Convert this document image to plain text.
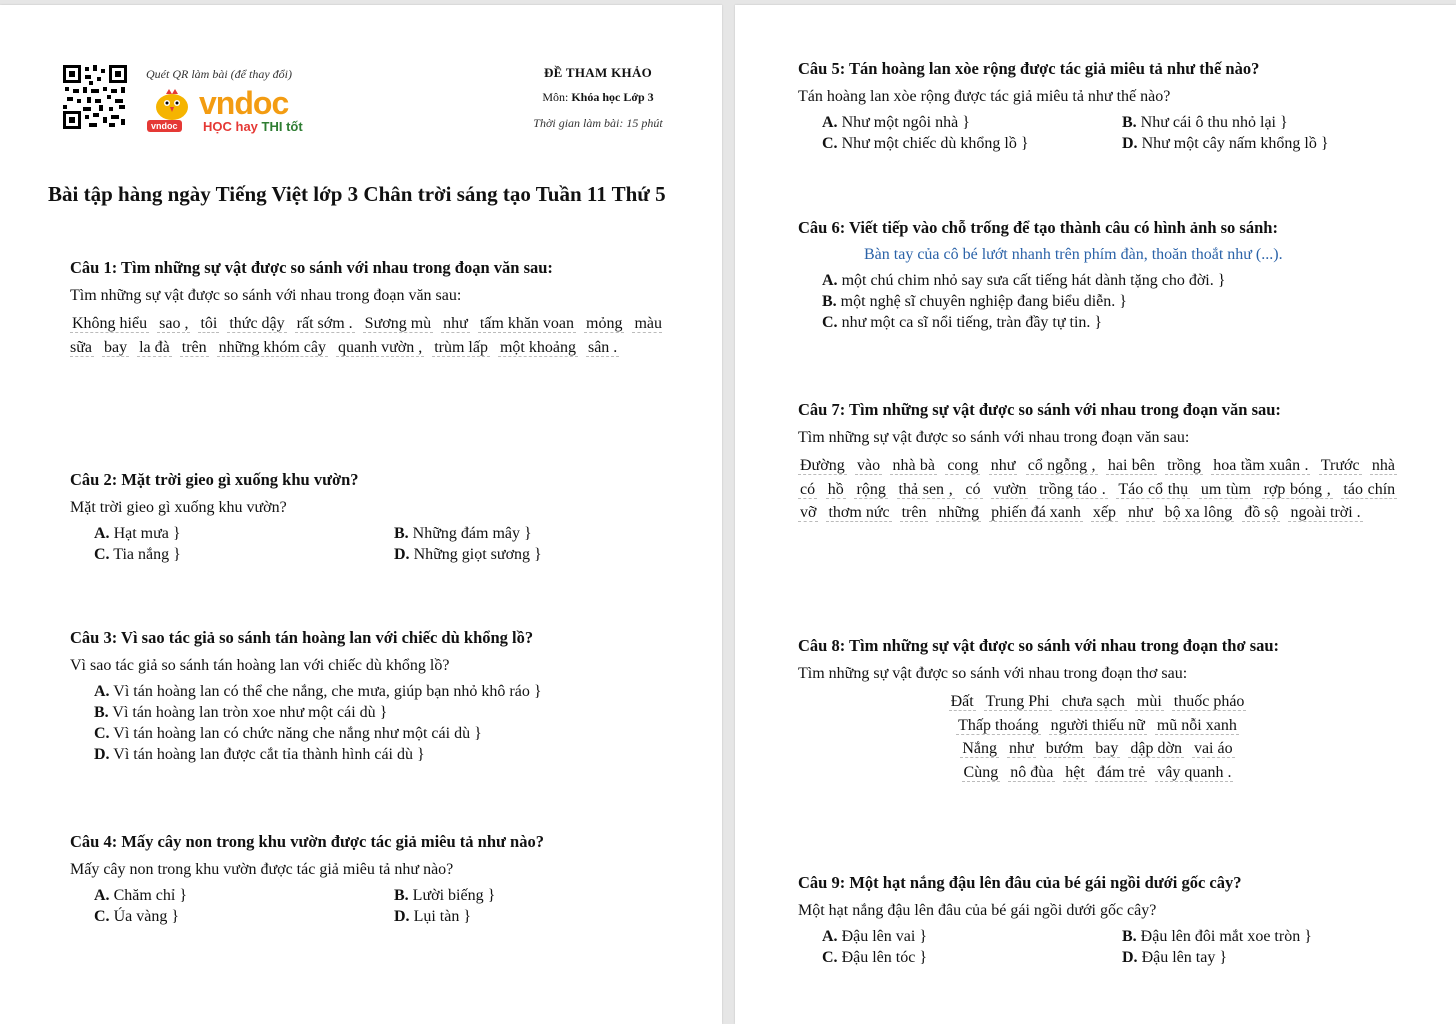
Quét QR làm bài (để thay đổi)
vndoc
vndoc	HỌC hay THI tốt
ĐỀ THAM KHẢO
Môn: Khóa học Lớp 3
Thời gian làm bài: 15 phút
Bài tập hàng ngày Tiếng Việt lớp 3 Chân trời sáng tạo Tuần 11 Thứ 5
Câu 1: Tìm những sự vật được so sánh với nhau trong đoạn văn sau:
Tìm những sự vật được so sánh với nhau trong đoạn văn sau:
Không hiểu sao , tôi thức dậy rất sớm . Sương mù như tấm khăn voan mỏng màu sữa bay la đà trên những khóm cây quanh vườn , trùm lấp một khoảng sân .
Câu 2: Mặt trời gieo gì xuống khu vườn?
Mặt trời gieo gì xuống khu vườn?
A. Hạt mưa }	B. Những đám mây }
C. Tia nắng }	D. Những giọt sương }
Câu 3: Vì sao tác giả so sánh tán hoàng lan với chiếc dù khổng lồ?
Vì sao tác giả so sánh tán hoàng lan với chiếc dù khổng lồ?
A. Vì tán hoàng lan có thể che nắng, che mưa, giúp bạn nhỏ khô ráo }
B. Vì tán hoàng lan tròn xoe như một cái dù }
C. Vì tán hoàng lan có chức năng che nắng như một cái dù }
D. Vì tán hoàng lan được cắt tỉa thành hình cái dù }
Câu 4: Mấy cây non trong khu vườn được tác giả miêu tả như nào?
Mấy cây non trong khu vườn được tác giả miêu tả như nào?
A. Chăm chỉ }	B. Lười biếng }
C. Úa vàng }	D. Lụi tàn }
Câu 5: Tán hoàng lan xòe rộng được tác giả miêu tả như thế nào?
Tán hoàng lan xòe rộng được tác giả miêu tả như thế nào?
A. Như một ngôi nhà }	B. Như cái ô thu nhỏ lại }
C. Như một chiếc dù khổng lồ }	D. Như một cây nấm khổng lồ }
Câu 6: Viết tiếp vào chỗ trống để tạo thành câu có hình ảnh so sánh:
Bàn tay của cô bé lướt nhanh trên phím đàn, thoăn thoắt như (...).
A. một chú chim nhỏ say sưa cất tiếng hát dành tặng cho đời. }
B. một nghệ sĩ chuyên nghiệp đang biểu diễn. }
C. như một ca sĩ nổi tiếng, tràn đầy tự tin. }
Câu 7: Tìm những sự vật được so sánh với nhau trong đoạn văn sau:
Tìm những sự vật được so sánh với nhau trong đoạn văn sau:
Đường vào nhà bà cong như cổ ngỗng , hai bên trồng hoa tầm xuân . Trước nhà có hồ rộng thả sen , có vườn trồng táo . Táo cổ thụ um tùm rợp bóng , táo chín vỡ thơm nức trên những phiến đá xanh xếp như bộ xa lông đồ sộ ngoài trời .
Câu 8: Tìm những sự vật được so sánh với nhau trong đoạn thơ sau:
Tìm những sự vật được so sánh với nhau trong đoạn thơ sau:
Đất Trung Phi chưa sạch mùi thuốc pháo
Thấp thoáng người thiếu nữ mũ nỗi xanh
Nắng như bướm bay dập dờn vai áo
Cùng nô đùa hệt đám trẻ vây quanh .
Câu 9: Một hạt nắng đậu lên đâu của bé gái ngồi dưới gốc cây?
Một hạt nắng đậu lên đâu của bé gái ngồi dưới gốc cây?
A. Đậu lên vai }	B. Đậu lên đôi mắt xoe tròn }
C. Đậu lên tóc }	D. Đậu lên tay }
